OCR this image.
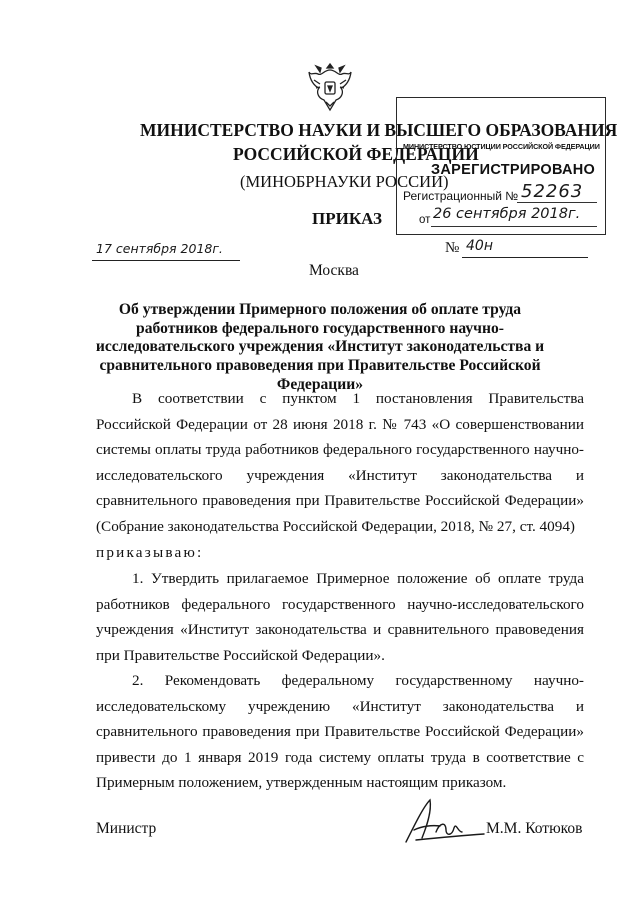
МИНИСТЕРСТВО НАУКИ И ВЫСШЕГО ОБРАЗОВАНИЯ
РОССИЙСКОЙ ФЕДЕРАЦИИ
(МИНОБРНАУКИ РОССИИ)
ПРИКАЗ
17 сентября 2018г.	№ 40н
Москва
МИНИСТЕРСТВО ЮСТИЦИИ РОССИЙСКОЙ ФЕДЕРАЦИИ
ЗАРЕГИСТРИРОВАНО
Регистрационный № 52263
от 26 сентября 2018г.
Об утверждении Примерного положения об оплате труда работников федерального государственного научно-исследовательского учреждения «Институт законодательства и сравнительного правоведения при Правительстве Российской Федерации»
В соответствии с пунктом 1 постановления Правительства Российской Федерации от 28 июня 2018 г. № 743 «О совершенствовании системы оплаты труда работников федерального государственного научно-исследовательского учреждения «Институт законодательства и сравнительного правоведения при Правительстве Российской Федерации» (Собрание законодательства Российской Федерации, 2018, № 27, ст. 4094)
приказываю:
1. Утвердить прилагаемое Примерное положение об оплате труда работников федерального государственного научно-исследовательского учреждения «Институт законодательства и сравнительного правоведения при Правительстве Российской Федерации».
2. Рекомендовать федеральному государственному научно-исследовательскому учреждению «Институт законодательства и сравнительного правоведения при Правительстве Российской Федерации» привести до 1 января 2019 года систему оплаты труда в соответствие с Примерным положением, утвержденным настоящим приказом.
Министр	М.М. Котюков
